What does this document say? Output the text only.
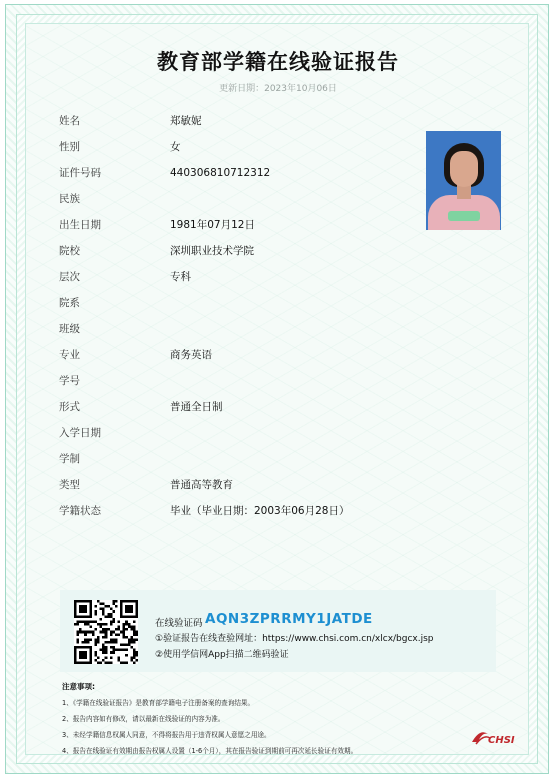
教育部学籍在线验证报告
更新日期：2023年10月06日
姓名	郑敏妮
性别	女
证件号码	440306810712312
民族
出生日期	1981年07月12日
院校	深圳职业技术学院
层次	专科
院系
班级
专业	商务英语
学号
形式	普通全日制
入学日期
学制
类型	普通高等教育
学籍状态	毕业（毕业日期：2003年06月28日）
在线验证码 AQN3ZPRRMY1JATDE
①验证报告在线查验网址：https://www.chsi.com.cn/xlcx/bgcx.jsp
②使用学信网App扫描二维码验证
注意事项:
1、《学籍在线验证报告》是教育部学籍电子注册备案的查询结果。
2、报告内容如有修改，请以最新在线验证的内容为准。
3、未经学籍信息权属人同意，不得将报告用于违背权属人意愿之用途。
4、报告在线验证有效期由报告权属人设置（1-6个月），其在报告验证到期前可再次延长验证有效期。
CHSI
